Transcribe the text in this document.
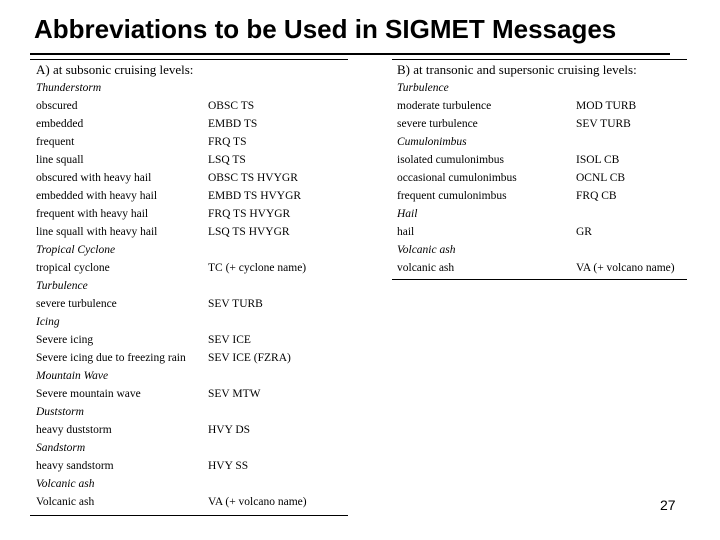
Abbreviations to be Used in SIGMET Messages
A) at subsonic cruising levels:	B) at transonic and supersonic cruising levels:
Thunderstorm
obscured	OBSC TS
embedded	EMBD TS
frequent	FRQ TS
line squall	LSQ TS
obscured with heavy hail	OBSC TS HVYGR
embedded with heavy hail	EMBD TS HVYGR
frequent with heavy hail	FRQ TS HVYGR
line squall with heavy hail	LSQ TS HVYGR
Tropical Cyclone
tropical cyclone	TC (+ cyclone name)
Turbulence
severe turbulence	SEV TURB
Icing
Severe icing	SEV ICE
Severe icing due to freezing rain SEV ICE (FZRA)
Mountain Wave
Severe mountain wave	SEV MTW
Duststorm
heavy duststorm	HVY DS
Sandstorm
heavy sandstorm	HVY SS
Volcanic ash
Volcanic ash	VA (+ volcano name)
Turbulence
moderate turbulence	MOD TURB
severe turbulence	SEV TURB
Cumulonimbus
isolated cumulonimbus	ISOL CB
occasional cumulonimbus	OCNL CB
frequent cumulonimbus	FRQ CB
Hail
hail	GR
Volcanic ash
volcanic ash	VA (+ volcano name)
27
